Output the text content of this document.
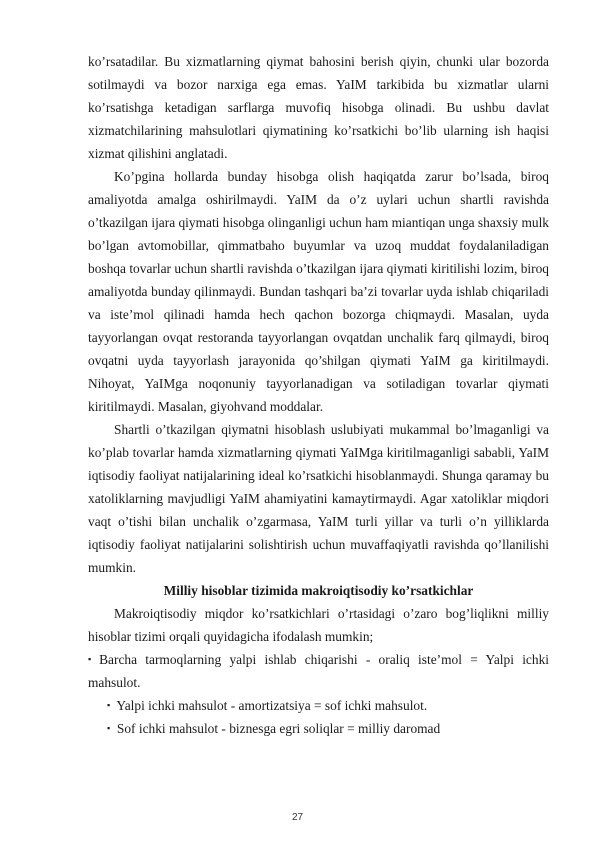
ko’rsatadilar. Bu xizmatlarning qiymat bahosini berish qiyin, chunki ular bozorda sotilmaydi va bozor narxiga ega emas. YaIM tarkibida bu xizmatlar ularni ko’rsatishga ketadigan sarflarga muvofiq hisobga olinadi. Bu ushbu davlat xizmatchilarining mahsulotlari qiymatining ko’rsatkichi bo’lib ularning ish haqisi xizmat qilishini anglatadi.

Ko’pgina hollarda bunday hisobga olish haqiqatda zarur bo’lsada, biroq amaliyotda amalga oshirilmaydi. YaIM da o’z uylari uchun shartli ravishda o’tkazilgan ijara qiymati hisobga olinganligi uchun ham miantiqan unga shaxsiy mulk bo’lgan avtomobillar, qimmatbaho buyumlar va uzoq muddat foydalaniladigan boshqa tovarlar uchun shartli ravishda o’tkazilgan ijara qiymati kiritilishi lozim, biroq amaliyotda bunday qilinmaydi. Bundan tashqari ba’zi tovarlar uyda ishlab chiqariladi va iste’mol qilinadi hamda hech qachon bozorga chiqmaydi. Masalan, uyda tayyorlangan ovqat restoranda tayyorlangan ovqatdan unchalik farq qilmaydi, biroq ovqatni uyda tayyorlash jarayonida qo’shilgan qiymati YaIM ga kiritilmaydi. Nihoyat, YaIMga noqonuniy tayyorlanadigan va sotiladigan tovarlar qiymati kiritilmaydi. Masalan, giyohvand moddalar.

Shartli o’tkazilgan qiymatni hisoblash uslubiyati mukammal bo’lmaganligi va ko’plab tovarlar hamda xizmatlarning qiymati YaIMga kiritilmaganligi sababli, YaIM iqtisodiy faoliyat natijalarining ideal ko’rsatkichi hisoblanmaydi. Shunga qaramay bu xatoliklarning mavjudligi YaIM ahamiyatini kamaytirmaydi. Agar xatoliklar miqdori vaqt o’tishi bilan unchalik o’zgarmasa, YaIM turli yillar va turli o’n yilliklarda iqtisodiy faoliyat natijalarini solishtirish uchun muvaffaqiyatli ravishda qo’llanilishi mumkin.

Milliy hisoblar tizimida makroiqtisodiy ko’rsatkichlar

Makroiqtisodiy miqdor ko’rsatkichlari o’rtasidagi o’zaro bog’liqlikni milliy hisoblar tizimi orqali quyidagicha ifodalash mumkin;

▪ Barcha tarmoqlarning yalpi ishlab chiqarishi - oraliq iste’mol = Yalpi ichki mahsulot.

▪ Yalpi ichki mahsulot - amortizatsiya = sof ichki mahsulot.

▪ Sof ichki mahsulot - biznesga egri soliqlar = milliy daromad

27
